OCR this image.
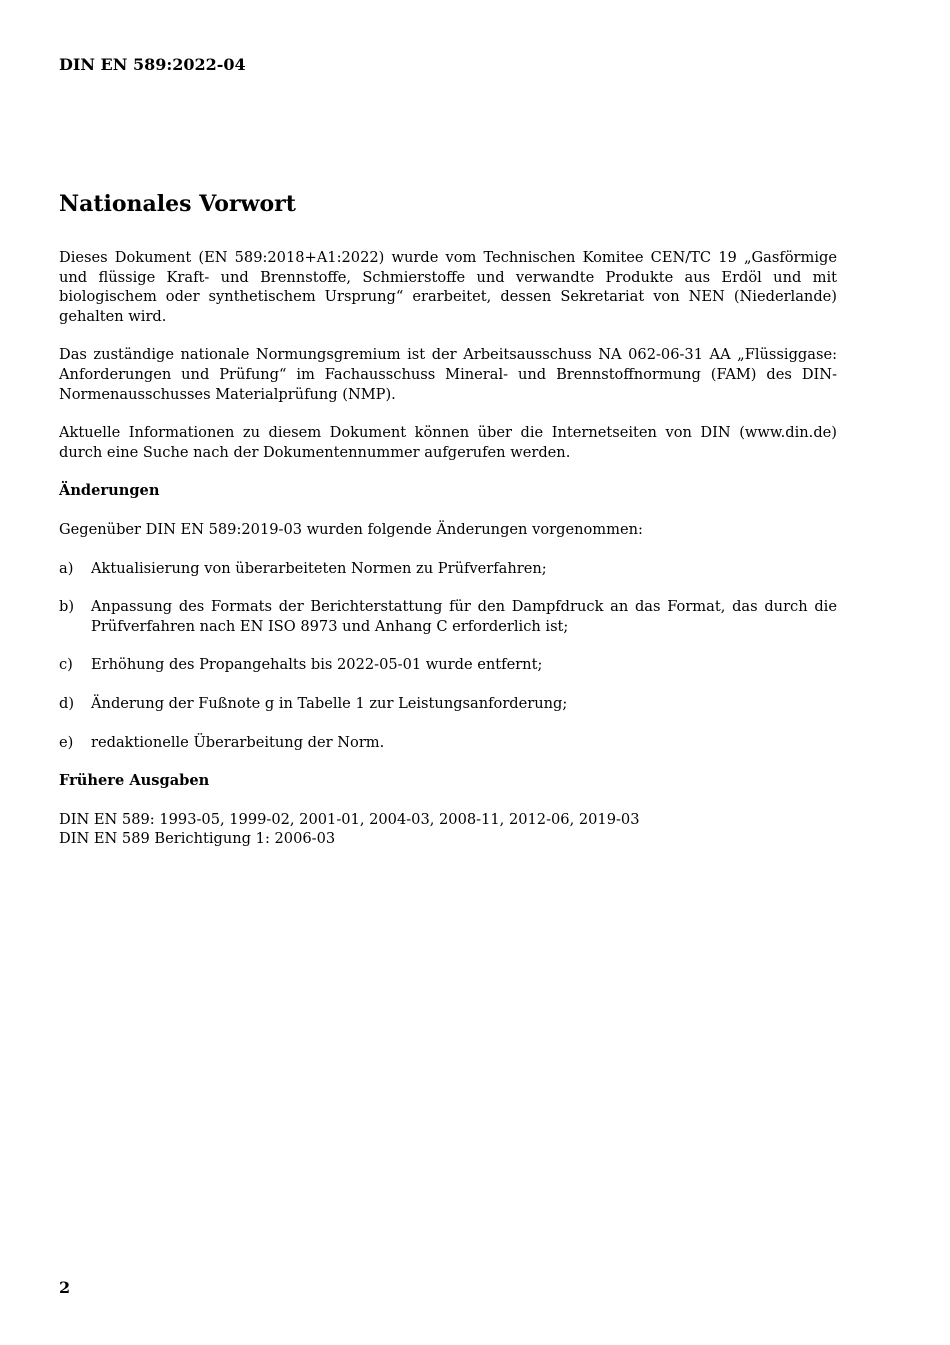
DIN EN 589:2022-04
Nationales Vorwort

Dieses Dokument (EN 589:2018+A1:2022) wurde vom Technischen Komitee CEN/TC 19 „Gasförmige und flüssige Kraft- und Brennstoffe, Schmierstoffe und verwandte Produkte aus Erdöl und mit biologischem oder synthetischem Ursprung“ erarbeitet, dessen Sekretariat von NEN (Niederlande) gehalten wird.

Das zuständige nationale Normungsgremium ist der Arbeitsausschuss NA 062-06-31 AA „Flüssiggase: Anforderungen und Prüfung“ im Fachausschuss Mineral- und Brennstoffnormung (FAM) des DIN-Normenausschusses Materialprüfung (NMP).

Aktuelle Informationen zu diesem Dokument können über die Internetseiten von DIN (www.din.de) durch eine Suche nach der Dokumentennummer aufgerufen werden.

Änderungen

Gegenüber DIN EN 589:2019-03 wurden folgende Änderungen vorgenommen:

a)	Aktualisierung von überarbeiteten Normen zu Prüfverfahren;
b)	Anpassung des Formats der Berichterstattung für den Dampfdruck an das Format, das durch die Prüfverfahren nach EN ISO 8973 und Anhang C erforderlich ist;
c)	Erhöhung des Propangehalts bis 2022-05-01 wurde entfernt;
d)	Änderung der Fußnote g in Tabelle 1 zur Leistungsanforderung;
e)	redaktionelle Überarbeitung der Norm.
Frühere Ausgaben

DIN EN 589: 1993-05, 1999-02, 2001-01, 2004-03, 2008-11, 2012-06, 2019-03

DIN EN 589 Berichtigung 1: 2006-03

2
